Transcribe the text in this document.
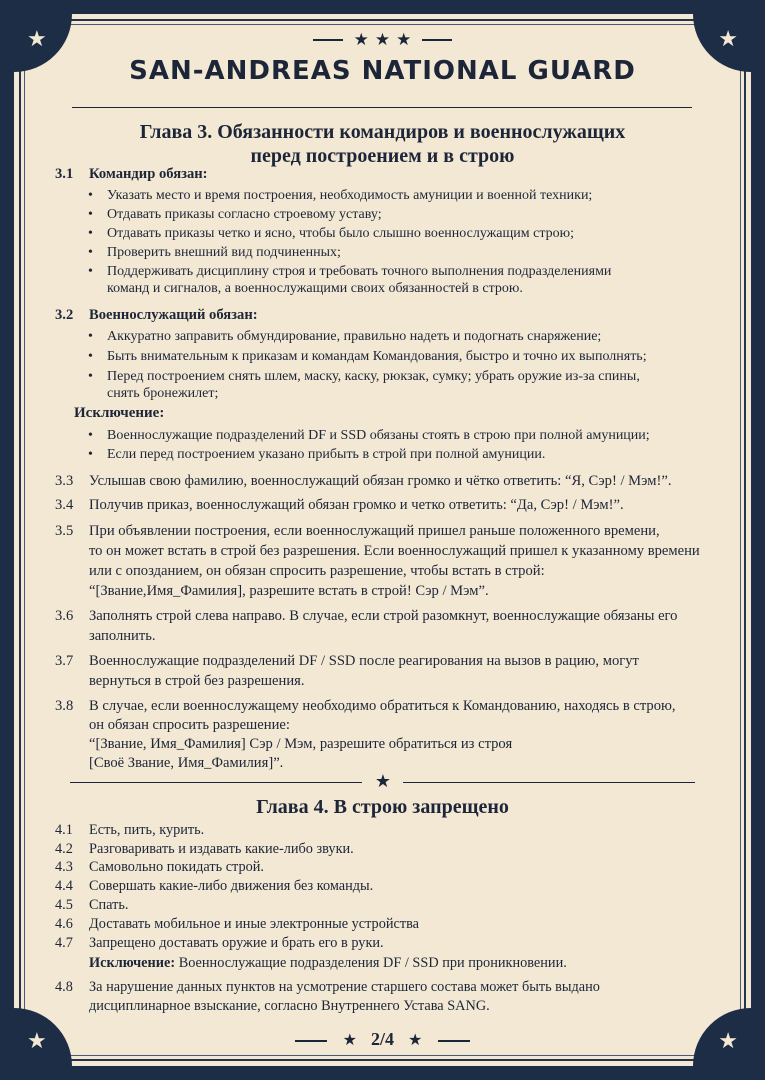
★	★
★	★
★ ★ ★
SAN-ANDREAS NATIONAL GUARD
Глава 3. Обязанности командиров и военнослужащих
перед построением и в строю
3.1 Командир обязан:
• Указать место и время построения, необходимость амуниции и военной техники;
• Отдавать приказы согласно строевому уставу;
• Отдавать приказы четко и ясно, чтобы было слышно военнослужащим строю;
• Проверить внешний вид подчиненных;
• Поддерживать дисциплину строя и требовать точного выполнения подразделениями
команд и сигналов, а военнослужащими своих обязанностей в строю.
3.2 Военнослужащий обязан:
• Аккуратно заправить обмундирование, правильно надеть и подогнать снаряжение;
• Быть внимательным к приказам и командам Командования, быстро и точно их выполнять;
• Перед построением снять шлем, маску, каску, рюкзак, сумку; убрать оружие из-за спины,
снять бронежилет;
Исключение:
• Военнослужащие подразделений DF и SSD обязаны стоять в строю при полной амуниции;
• Если перед построением указано прибыть в строй при полной амуниции.
3.3 Услышав свою фамилию, военнослужащий обязан громко и чётко ответить: “Я, Сэр! / Мэм!”.
3.4 Получив приказ, военнослужащий обязан громко и четко ответить: “Да, Сэр! / Мэм!”.
3.5 При объявлении построения, если военнослужащий пришел раньше положенного времени,
то он может встать в строй без разрешения. Если военнослужащий пришел к указанному времени
или с опозданием, он обязан спросить разрешение, чтобы встать в строй:
“[Звание,Имя_Фамилия], разрешите встать в строй! Сэр / Мэм”.
3.6 Заполнять строй слева направо. В случае, если строй разомкнут, военнослужащие обязаны его
заполнить.
3.7 Военнослужащие подразделений DF / SSD после реагирования на вызов в рацию, могут
вернуться в строй без разрешения.
3.8 В случае, если военнослужащему необходимо обратиться к Командованию, находясь в строю,
он обязан спросить разрешение:
“[Звание, Имя_Фамилия] Сэр / Мэм, разрешите обратиться из строя
[Своё Звание, Имя_Фамилия]”.
★
Глава 4. В строю запрещено
4.1 Есть, пить, курить.
4.2 Разговаривать и издавать какие-либо звуки.
4.3 Самовольно покидать строй.
4.4 Совершать какие-либо движения без команды.
4.5 Спать.
4.6 Доставать мобильное и иные электронные устройства
4.7 Запрещено доставать оружие и брать его в руки.
Исключение: Военнослужащие подразделения DF / SSD при проникновении.
4.8 За нарушение данных пунктов на усмотрение старшего состава может быть выдано
дисциплинарное взыскание, согласно Внутреннего Устава SANG.
★ 2/4 ★
